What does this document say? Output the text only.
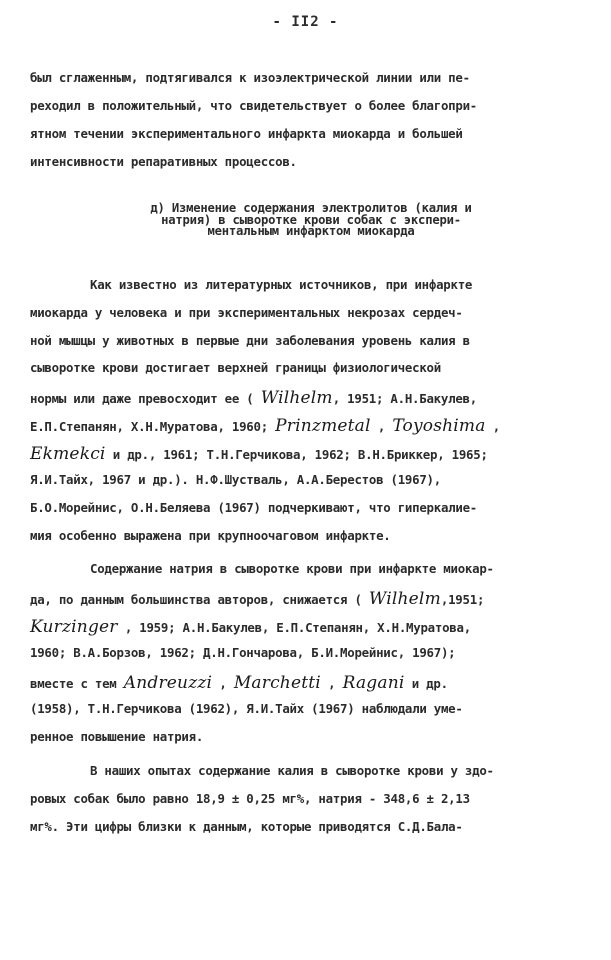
- II2 -
был сглаженным, подтягивался к изоэлектрической линии или пе-
реходил в положительный, что свидетельствует о более благопри-
ятном течении экспериментального инфаркта миокарда и большей
интенсивности репаративных процессов.
д) Изменение содержания электролитов (калия и
натрия) в сыворотке крови собак с экспери-
ментальным инфарктом миокарда
Как известно из литературных источников, при инфаркте
миокарда у человека и при экспериментальных некрозах сердеч-
ной мышцы у животных в первые дни заболевания уровень калия в
сыворотке крови достигает верхней границы физиологической
нормы или даже превосходит ее ( Wilhelm, 1951; А.Н.Бакулев,
Е.П.Степанян, Х.Н.Муратова, 1960; Prinzmetal , Toyoshima ,
Ekmekci и др., 1961; Т.Н.Герчикова, 1962; В.Н.Бриккер, 1965;
Я.И.Тайх, 1967 и др.). Н.Ф.Шустваль, А.А.Берестов (1967),
Б.О.Морейнис, О.Н.Беляева (1967) подчеркивают, что гиперкалие-
мия особенно выражена при крупноочаговом инфаркте.
Содержание натрия в сыворотке крови при инфаркте миокар-
да, по данным большинства авторов, снижается ( Wilhelm,1951;
Kurzinger , 1959; А.Н.Бакулев, Е.П.Степанян, Х.Н.Муратова,
1960; В.А.Борзов, 1962; Д.Н.Гончарова, Б.И.Морейнис, 1967);
вместе с тем Andreuzzi , Marchetti , Ragani и др.
(1958), Т.Н.Герчикова (1962), Я.И.Тайх (1967) наблюдали уме-
ренное повышение натрия.
В наших опытах содержание калия в сыворотке крови у здо-
ровых собак было равно 18,9 ± 0,25 мг%, натрия - 348,6 ± 2,13
мг%. Эти цифры близки к данным, которые приводятся С.Д.Бала-
